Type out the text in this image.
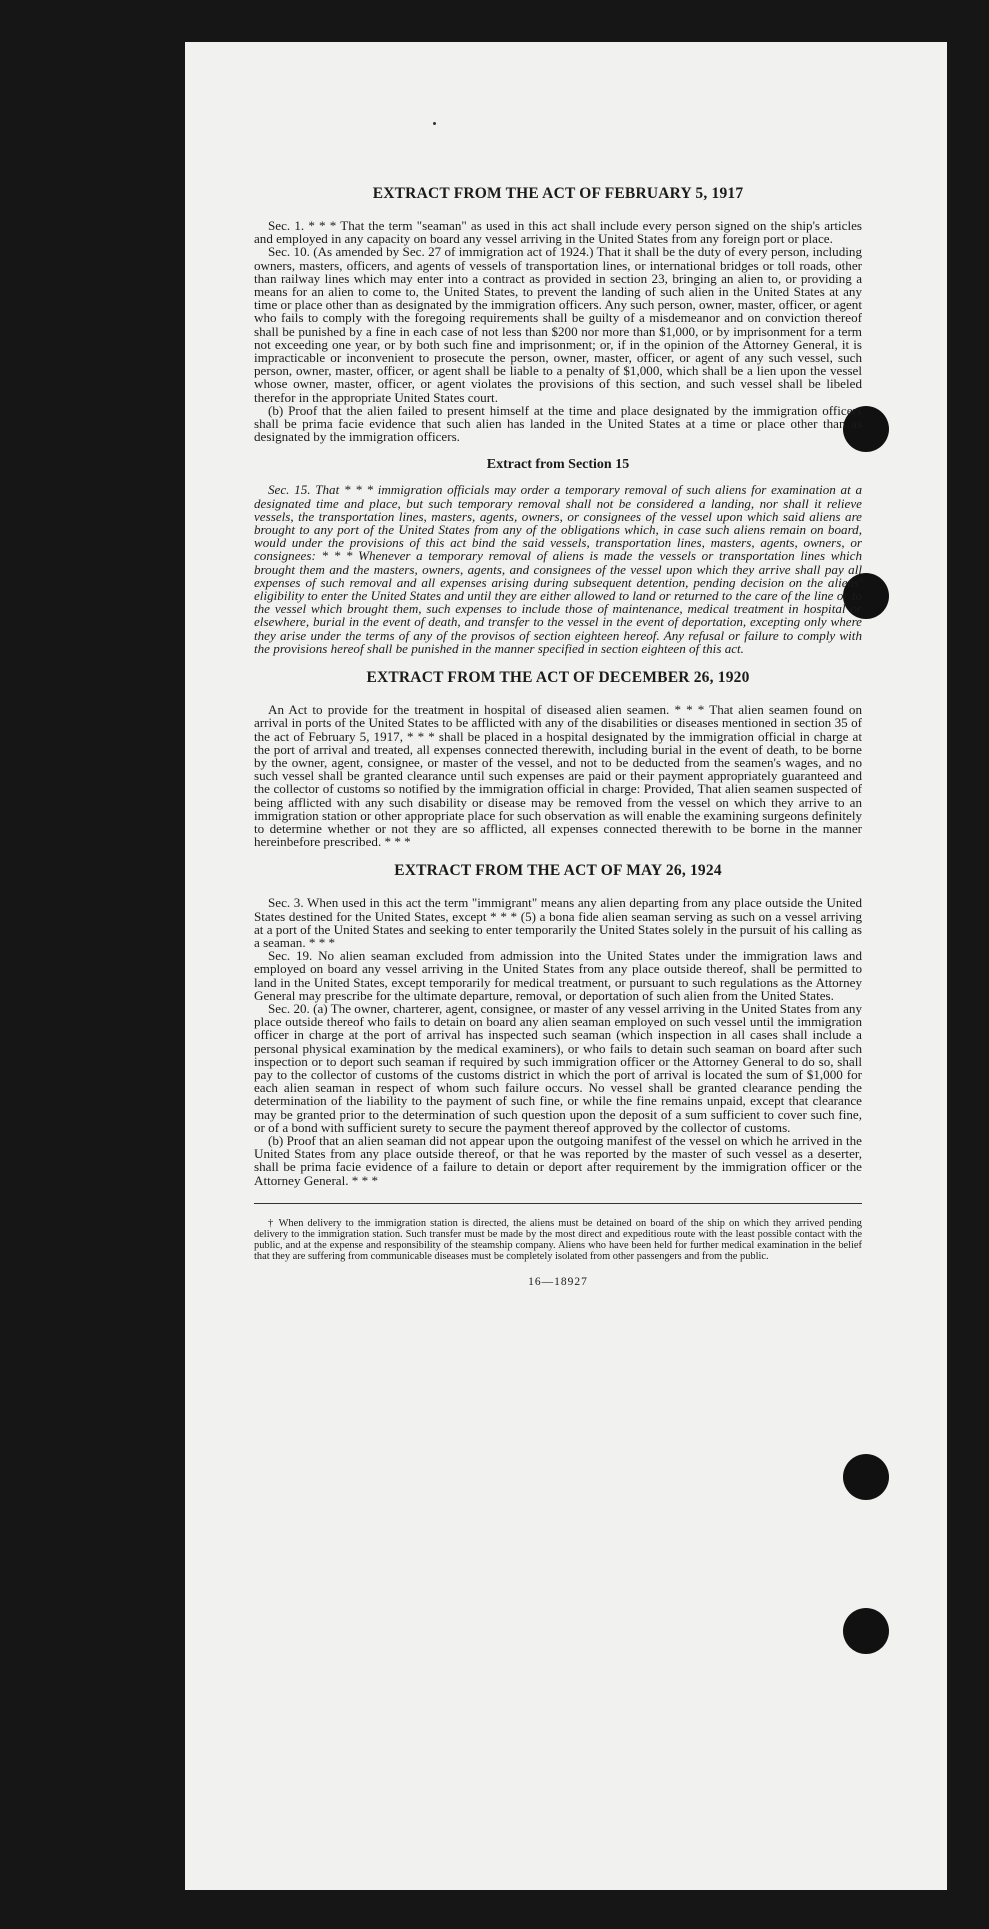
EXTRACT FROM THE ACT OF FEBRUARY 5, 1917

Sec. 1. * * * That the term "seaman" as used in this act shall include every person signed on the ship's articles and employed in any capacity on board any vessel arriving in the United States from any foreign port or place.

Sec. 10. (As amended by Sec. 27 of immigration act of 1924.) That it shall be the duty of every person, including owners, masters, officers, and agents of vessels of transportation lines, or international bridges or toll roads, other than railway lines which may enter into a contract as provided in section 23, bringing an alien to, or providing a means for an alien to come to, the United States, to prevent the landing of such alien in the United States at any time or place other than as designated by the immigration officers. Any such person, owner, master, officer, or agent who fails to comply with the foregoing requirements shall be guilty of a misdemeanor and on conviction thereof shall be punished by a fine in each case of not less than $200 nor more than $1,000, or by imprisonment for a term not exceeding one year, or by both such fine and imprisonment; or, if in the opinion of the Attorney General, it is impracticable or inconvenient to prosecute the person, owner, master, officer, or agent of any such vessel, such person, owner, master, officer, or agent shall be liable to a penalty of $1,000, which shall be a lien upon the vessel whose owner, master, officer, or agent violates the provisions of this section, and such vessel shall be libeled therefor in the appropriate United States court.

(b) Proof that the alien failed to present himself at the time and place designated by the immigration officers shall be prima facie evidence that such alien has landed in the United States at a time or place other than as designated by the immigration officers.

Extract from Section 15

Sec. 15. That * * * immigration officials may order a temporary removal of such aliens for examination at a designated time and place, but such temporary removal shall not be considered a landing, nor shall it relieve vessels, the transportation lines, masters, agents, owners, or consignees of the vessel upon which said aliens are brought to any port of the United States from any of the obligations which, in case such aliens remain on board, would under the provisions of this act bind the said vessels, transportation lines, masters, agents, owners, or consignees: * * * Whenever a temporary removal of aliens is made the vessels or transportation lines which brought them and the masters, owners, agents, and consignees of the vessel upon which they arrive shall pay all expenses of such removal and all expenses arising during subsequent detention, pending decision on the aliens' eligibility to enter the United States and until they are either allowed to land or returned to the care of the line or to the vessel which brought them, such expenses to include those of maintenance, medical treatment in hospital or elsewhere, burial in the event of death, and transfer to the vessel in the event of deportation, excepting only where they arise under the terms of any of the provisos of section eighteen hereof. Any refusal or failure to comply with the provisions hereof shall be punished in the manner specified in section eighteen of this act.

EXTRACT FROM THE ACT OF DECEMBER 26, 1920

An Act to provide for the treatment in hospital of diseased alien seamen. * * * That alien seamen found on arrival in ports of the United States to be afflicted with any of the disabilities or diseases mentioned in section 35 of the act of February 5, 1917, * * * shall be placed in a hospital designated by the immigration official in charge at the port of arrival and treated, all expenses connected therewith, including burial in the event of death, to be borne by the owner, agent, consignee, or master of the vessel, and not to be deducted from the seamen's wages, and no such vessel shall be granted clearance until such expenses are paid or their payment appropriately guaranteed and the collector of customs so notified by the immigration official in charge: Provided, That alien seamen suspected of being afflicted with any such disability or disease may be removed from the vessel on which they arrive to an immigration station or other appropriate place for such observation as will enable the examining surgeons definitely to determine whether or not they are so afflicted, all expenses connected therewith to be borne in the manner hereinbefore prescribed. * * *

EXTRACT FROM THE ACT OF MAY 26, 1924

Sec. 3. When used in this act the term "immigrant" means any alien departing from any place outside the United States destined for the United States, except * * * (5) a bona fide alien seaman serving as such on a vessel arriving at a port of the United States and seeking to enter temporarily the United States solely in the pursuit of his calling as a seaman. * * *

Sec. 19. No alien seaman excluded from admission into the United States under the immigration laws and employed on board any vessel arriving in the United States from any place outside thereof, shall be permitted to land in the United States, except temporarily for medical treatment, or pursuant to such regulations as the Attorney General may prescribe for the ultimate departure, removal, or deportation of such alien from the United States.

Sec. 20. (a) The owner, charterer, agent, consignee, or master of any vessel arriving in the United States from any place outside thereof who fails to detain on board any alien seaman employed on such vessel until the immigration officer in charge at the port of arrival has inspected such seaman (which inspection in all cases shall include a personal physical examination by the medical examiners), or who fails to detain such seaman on board after such inspection or to deport such seaman if required by such immigration officer or the Attorney General to do so, shall pay to the collector of customs of the customs district in which the port of arrival is located the sum of $1,000 for each alien seaman in respect of whom such failure occurs. No vessel shall be granted clearance pending the determination of the liability to the payment of such fine, or while the fine remains unpaid, except that clearance may be granted prior to the determination of such question upon the deposit of a sum sufficient to cover such fine, or of a bond with sufficient surety to secure the payment thereof approved by the collector of customs.

(b) Proof that an alien seaman did not appear upon the outgoing manifest of the vessel on which he arrived in the United States from any place outside thereof, or that he was reported by the master of such vessel as a deserter, shall be prima facie evidence of a failure to detain or deport after requirement by the immigration officer or the Attorney General. * * *

† When delivery to the immigration station is directed, the aliens must be detained on board of the ship on which they arrived pending delivery to the immigration station. Such transfer must be made by the most direct and expeditious route with the least possible contact with the public, and at the expense and responsibility of the steamship company. Aliens who have been held for further medical examination in the belief that they are suffering from communicable diseases must be completely isolated from other passengers and from the public.

16—18927
